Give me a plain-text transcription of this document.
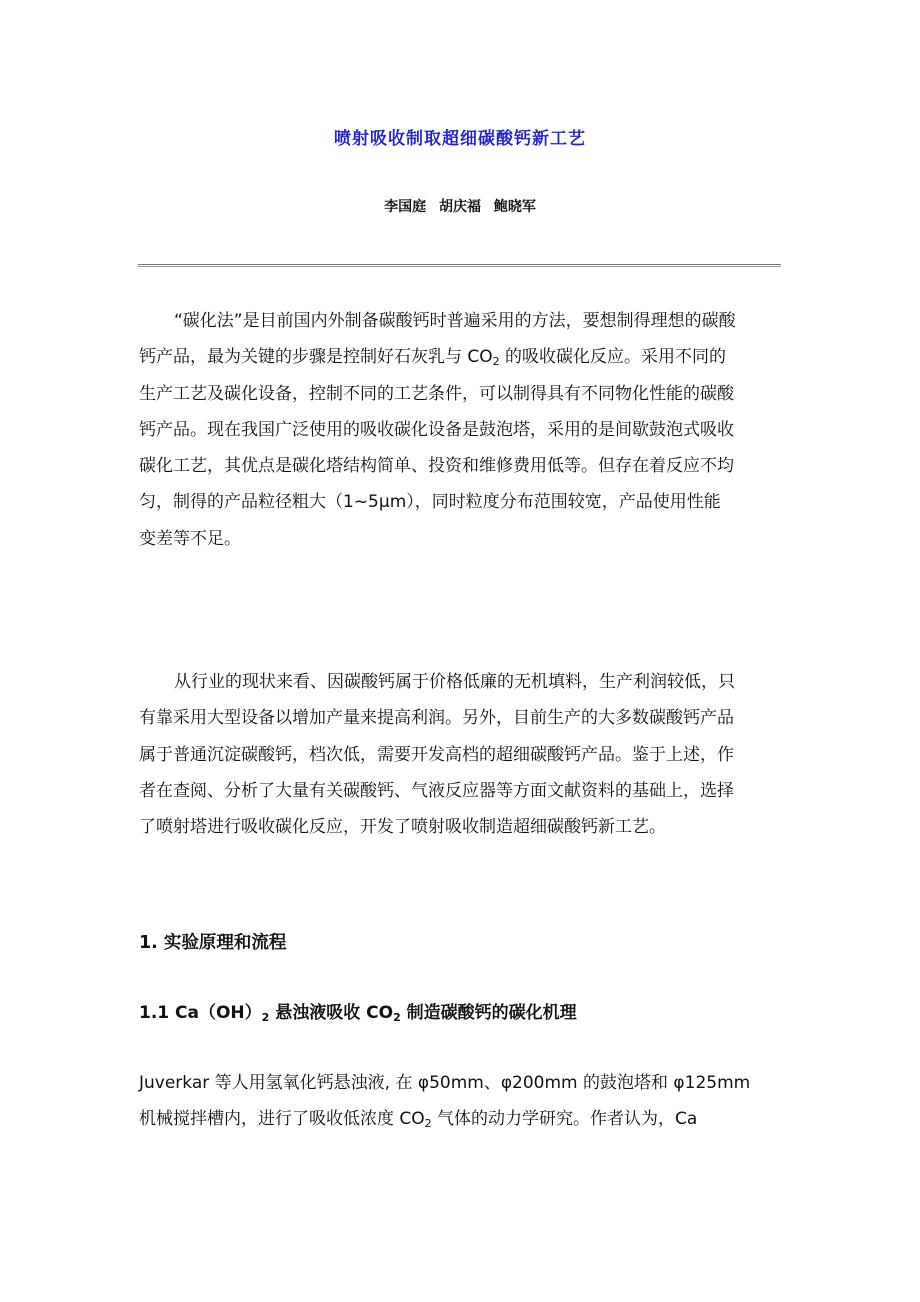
喷射吸收制取超细碳酸钙新工艺
李国庭 胡庆福 鲍晓军
“碳化法”是目前国内外制备碳酸钙时普遍采用的方法，要想制得理想的碳酸
钙产品，最为关键的步骤是控制好石灰乳与 $CO_2$ 的吸收碳化反应。采用不同的
生产工艺及碳化设备，控制不同的工艺条件，可以制得具有不同物化性能的碳酸
钙产品。现在我国广泛使用的吸收碳化设备是鼓泡塔，采用的是间歇鼓泡式吸收
碳化工艺，其优点是碳化塔结构简单、投资和维修费用低等。但存在着反应不均
匀，制得的产品粒径粗大（1~5μm），同时粒度分布范围较宽，产品使用性能
变差等不足。
从行业的现状来看、因碳酸钙属于价格低廉的无机填料，生产利润较低，只
有靠采用大型设备以增加产量来提高利润。另外，目前生产的大多数碳酸钙产品
属于普通沉淀碳酸钙，档次低，需要开发高档的超细碳酸钙产品。鉴于上述，作
者在查阅、分析了大量有关碳酸钙、气液反应器等方面文献资料的基础上，选择
了喷射塔进行吸收碳化反应，开发了喷射吸收制造超细碳酸钙新工艺。
1. 实验原理和流程
1.1 $Ca(OH)_2$ 悬浊液吸收 $CO_2$ 制造碳酸钙的碳化机理
Juverkar 等人用氢氧化钙悬浊液, 在 φ50mm、φ200mm 的鼓泡塔和 φ125mm
机械搅拌槽内，进行了吸收低浓度 $CO_2$ 气体的动力学研究。作者认为，Ca
